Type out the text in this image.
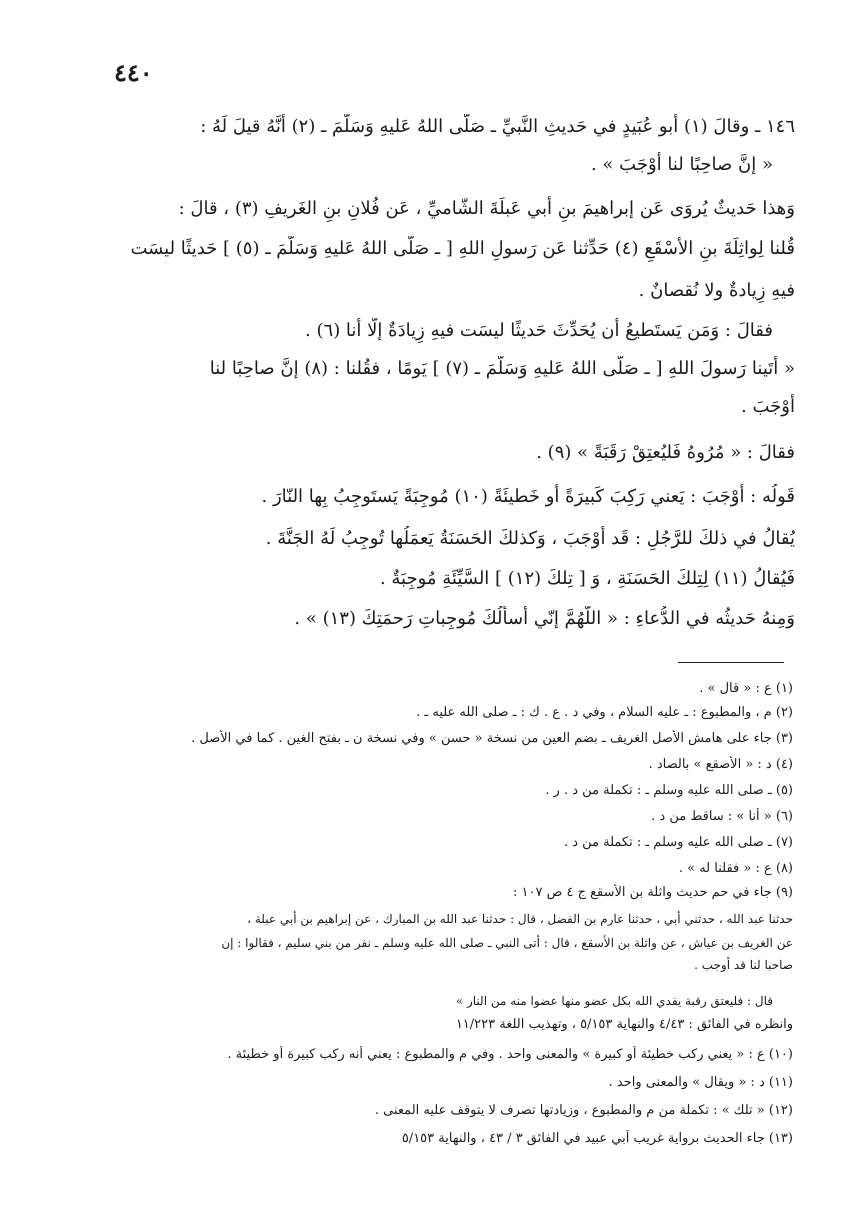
٤٤٠
١٤٦ ـ وقالَ (١) أبو عُبَيدٍ في حَديثِ النَّبيِّ ـ صَلَّى اللهُ عَليهِ وَسَلَّمَ ـ (٢) أنَّهُ قيلَ لَهُ :
« إنَّ صاحِبًا لنا أوْجَبَ » .
وَهذا حَديثٌ يُروَى عَن إبراهيمَ بنِ أبي عَبلَةَ الشّاميِّ ، عَن فُلانِ بنِ الغَريفِ (٣) ، قالَ :
قُلنا لِواثِلَةَ بنِ الأسْقَعِ (٤) حَدِّثنا عَن رَسولِ اللهِ [ ـ صَلَّى اللهُ عَليهِ وَسَلَّمَ ـ (٥) ] حَديثًا ليسَت
فيهِ زِيادةٌ ولا نُقصانٌ .
فقالَ : وَمَن يَستَطيعُ أن يُحَدِّثَ حَديثًا ليسَت فيهِ زِيادَةٌ إلّا أنا (٦) .
« أتَينا رَسولَ اللهِ [ ـ صَلَّى اللهُ عَليهِ وَسَلَّمَ ـ (٧) ] يَومًا ، فقُلنا : (٨) إنَّ صاحِبًا لنا
أوْجَبَ .
فقالَ : « مُرُوهُ فَليُعتِقْ رَقَبَةً » (٩) .
قَولُه : أوْجَبَ : يَعني رَكِبَ كَبيرَةً أو خَطيئَةً (١٠) مُوجِبَةً يَستَوجِبُ بِها النّارَ .
يُقالُ في ذلكَ للرَّجُلِ : قَد أوْجَبَ ، وَكذلكَ الحَسَنَةُ يَعمَلُها تُوجِبُ لَهُ الجَنَّةَ .
فَيُقالُ (١١) لِتِلكَ الحَسَنَةِ ، وَ [ تِلكَ (١٢) ] السَّيِّئَةِ مُوجِبَةٌ .
وَمِنهُ حَديثُه في الدُّعاءِ : « اللّهُمَّ إنّي أسألُكَ مُوجِباتِ رَحمَتِكَ (١٣) » .
(١) ع : « قال » .
(٢) م ، والمطبوع : ـ عليه السلام ، وفي د . ع . ك : ـ صلى الله عليه ـ .
(٣) جاء على هامش الأصل الغريف ـ بضم العين من نسخة « حسن » وفي نسخة ن ـ بفتح الغين . كما في الأصل .
(٤) د : « الأصقع » بالصاد .
(٥) ـ صلى الله عليه وسلم ـ : تكملة من د . ر .
(٦) « أنا » : ساقط من د .
(٧) ـ صلى الله عليه وسلم ـ : تكملة من د .
(٨) ع : « فقلنا له » .
(٩) جاء في حم حديث واثلة بن الأسقع ج ٤ ص ١٠٧ :
حدثنا عبد الله ، حدثني أبي ، حدثنا عارم بن الفضل ، قال : حدثنا عبد الله بن المبارك ، عن إبراهيم بن أبي عبلة ،
عن الغريف بن عياش ، عن واثلة بن الأسقع ، قال : أتى النبي ـ صلى الله عليه وسلم ـ نفر من بني سليم ، فقالوا : إن
صاحبا لنا قد أوجب .
قال : فليعتق رقبة يفدي الله بكل عضو منها عضوا منه من النار »
وانظره في الفائق : ٤/٤٣ والنهاية ٥/١٥٣ ، وتهذيب اللغة ١١/٢٢٣
(١٠) ع : « يعني ركب خطيئة أو كبيرة » والمعنى واحد . وفي م والمطبوع : يعني أنه ركب كبيرة أو خطيئة .
(١١) د : « ويقال » والمعنى واحد .
(١٢) « تلك » : تكملة من م والمطبوع ، وزيادتها تصرف لا يتوقف عليه المعنى .
(١٣) جاء الحديث برواية غريب أبي عبيد في الفائق ٣ / ٤٣ ، والنهاية ٥/١٥٣
